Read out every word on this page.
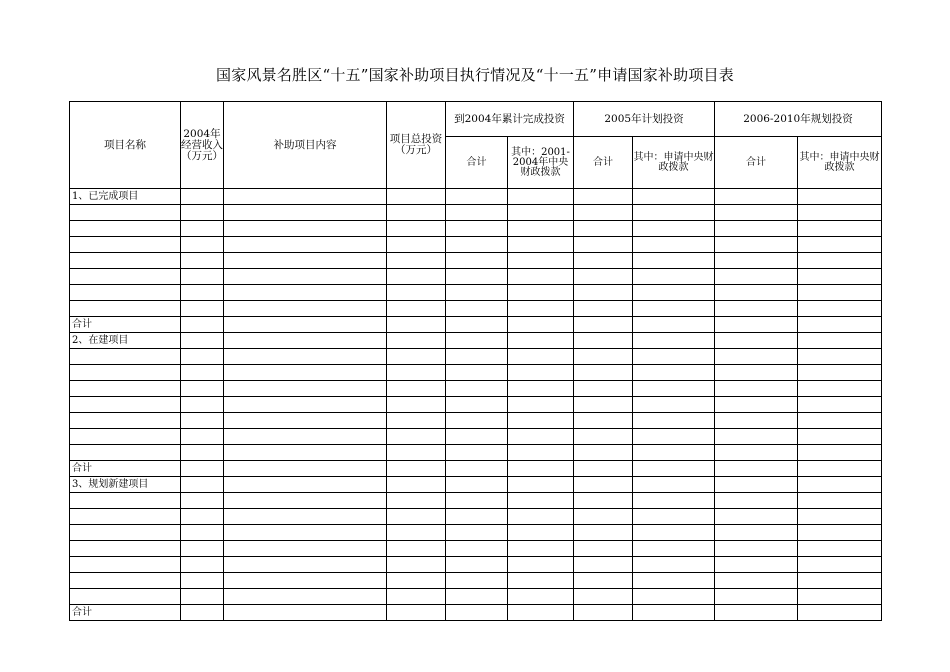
国家风景名胜区“十五”国家补助项目执行情况及“十一五”申请国家补助项目表
项目名称	2004年经营收入（万元）	补助项目内容	项目总投资（万元）	到2004年累计完成投资		2005年计划投资		2006-2010年规划投资	
				合计	其中：2001-2004年中央财政拨款	合计	其中：申请中央财政拨款	合计	其中：申请中央财政拨款
1、已完成项目									

合计									
2、在建项目									

合计									
3、规划新建项目									

合计									
